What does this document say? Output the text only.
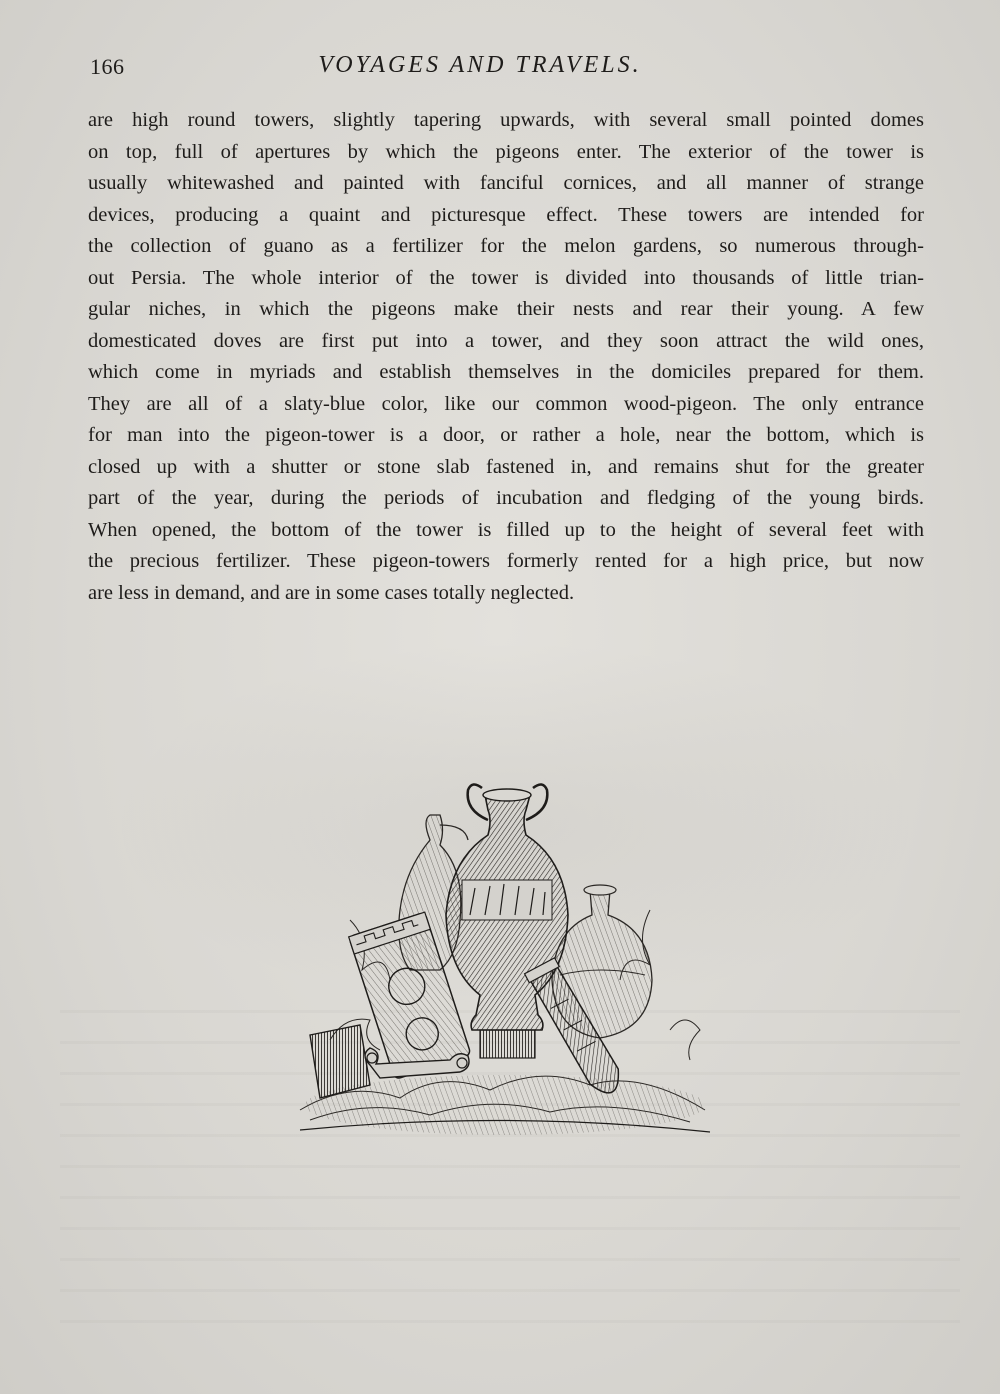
166	VOYAGES AND TRAVELS.
are high round towers, slightly tapering upwards, with several small pointed domes
on top, full of apertures by which the pigeons enter. The exterior of the tower is
usually whitewashed and painted with fanciful cornices, and all manner of strange
devices, producing a quaint and picturesque effect. These towers are intended for
the collection of guano as a fertilizer for the melon gardens, so numerous through-
out Persia. The whole interior of the tower is divided into thousands of little trian-
gular niches, in which the pigeons make their nests and rear their young. A few
domesticated doves are first put into a tower, and they soon attract the wild ones,
which come in myriads and establish themselves in the domiciles prepared for them.
They are all of a slaty-blue color, like our common wood-pigeon. The only entrance
for man into the pigeon-tower is a door, or rather a hole, near the bottom, which is
closed up with a shutter or stone slab fastened in, and remains shut for the greater
part of the year, during the periods of incubation and fledging of the young birds.
When opened, the bottom of the tower is filled up to the height of several feet with
the precious fertilizer. These pigeon-towers formerly rented for a high price, but now
are less in demand, and are in some cases totally neglected.
